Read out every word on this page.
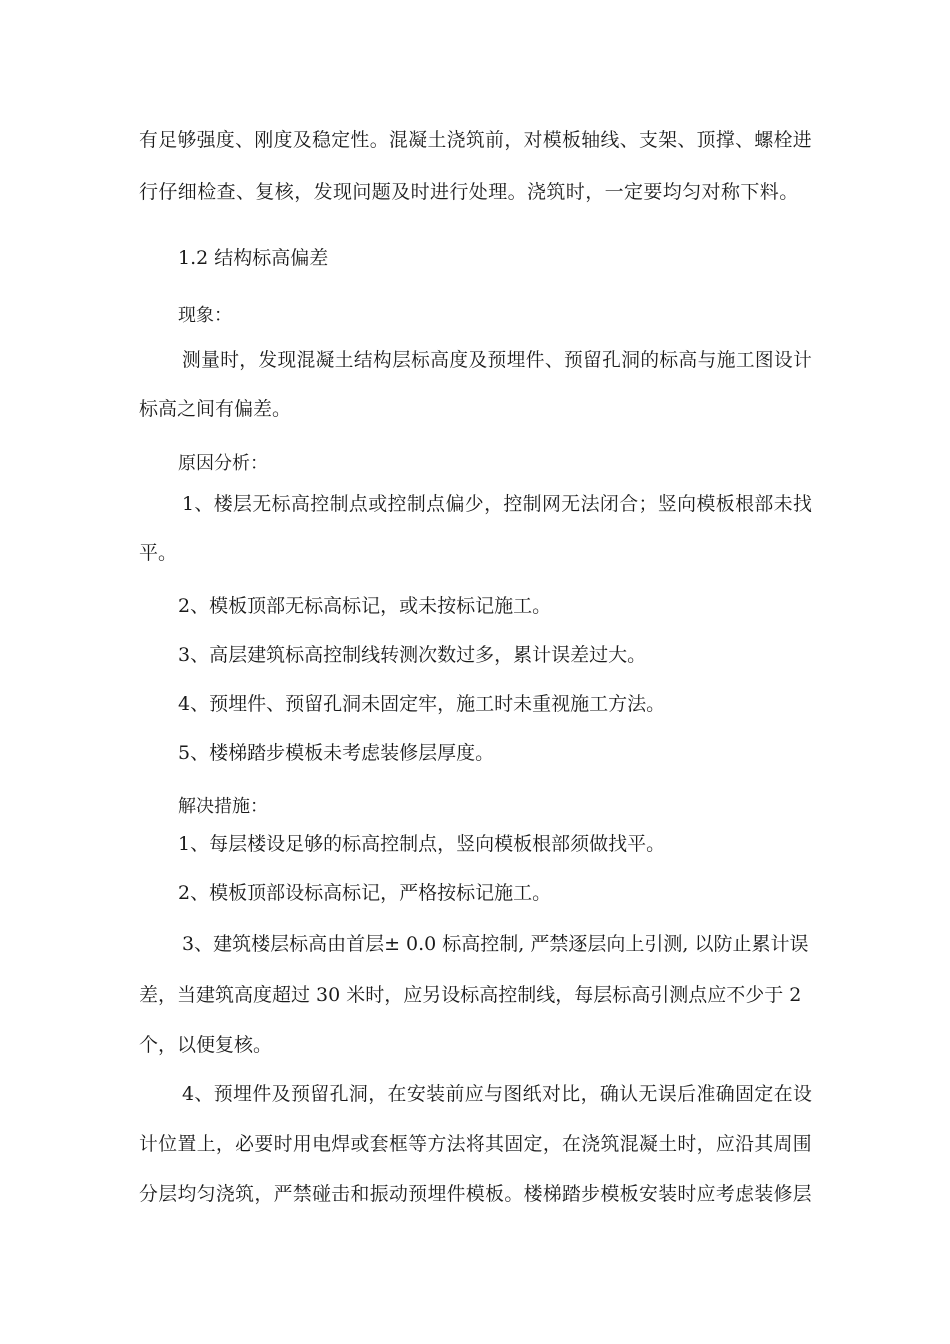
有足够强度、刚度及稳定性。混凝土浇筑前，对模板轴线、支架、顶撑、螺栓进
行仔细检查、复核，发现问题及时进行处理。浇筑时，一定要均匀对称下料。
1.2 结构标高偏差
现象：
测量时，发现混凝土结构层标高度及预埋件、预留孔洞的标高与施工图设计
标高之间有偏差。
原因分析：
1、楼层无标高控制点或控制点偏少，控制网无法闭合；竖向模板根部未找
平。
2、模板顶部无标高标记，或未按标记施工。
3、高层建筑标高控制线转测次数过多，累计误差过大。
4、预埋件、预留孔洞未固定牢，施工时未重视施工方法。
5、楼梯踏步模板未考虑装修层厚度。
解决措施：
1、每层楼设足够的标高控制点，竖向模板根部须做找平。
2、模板顶部设标高标记，严格按标记施工。
3、建筑楼层标高由首层± 0.0 标高控制, 严禁逐层向上引测, 以防止累计误
差，当建筑高度超过 30 米时，应另设标高控制线，每层标高引测点应不少于 2
个，以便复核。
4、预埋件及预留孔洞，在安装前应与图纸对比，确认无误后准确固定在设
计位置上，必要时用电焊或套框等方法将其固定，在浇筑混凝土时，应沿其周围
分层均匀浇筑，严禁碰击和振动预埋件模板。楼梯踏步模板安装时应考虑装修层
